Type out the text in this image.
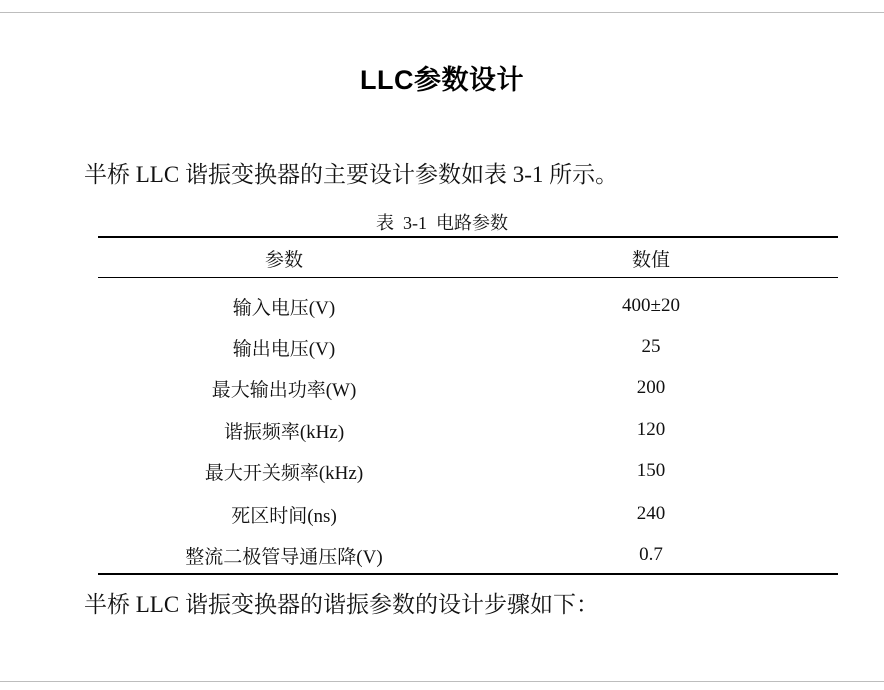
LLC参数设计
半桥 LLC 谐振变换器的主要设计参数如表 3-1 所示。
表  3-1  电路参数
参数	数值
输入电压(V)	400±20
输出电压(V)	25
最大输出功率(W)	200
谐振频率(kHz)	120
最大开关频率(kHz)	150
死区时间(ns)	240
整流二极管导通压降(V)	0.7
半桥 LLC 谐振变换器的谐振参数的设计步骤如下：
